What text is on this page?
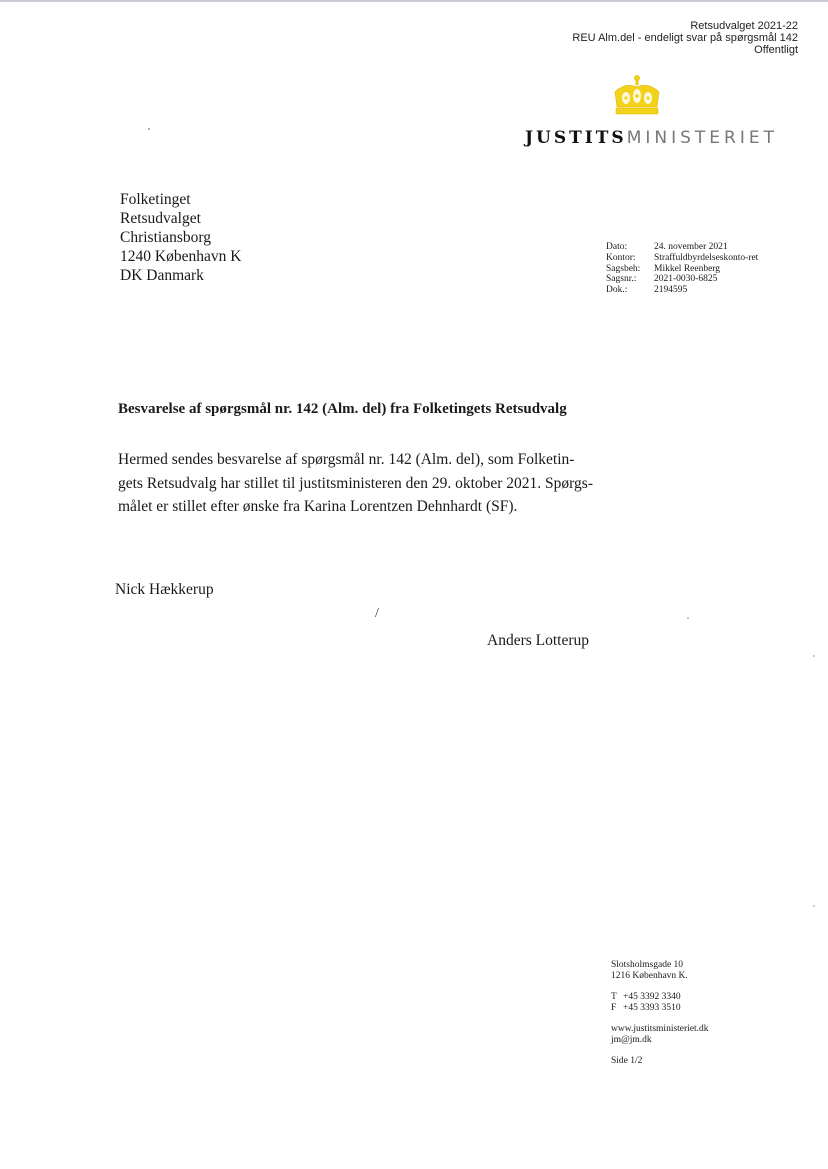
Retsudvalget 2021-22
REU Alm.del - endeligt svar på spørgsmål 142
Offentligt
JUSTITSMINISTERIET
Folketinget
Retsudvalget
Christiansborg
1240 København K
DK Danmark
Dato:	24. november 2021
Kontor:	Straffuldbyrdelseskonto-ret
Sagsbeh:	Mikkel Reenberg
Sagsnr.:	2021-0030-6825
Dok.:	2194595
Besvarelse af spørgsmål nr. 142 (Alm. del) fra Folketingets Retsudvalg
Hermed sendes besvarelse af spørgsmål nr. 142 (Alm. del), som Folketin-
gets Retsudvalg har stillet til justitsministeren den 29. oktober 2021. Spørgs-
målet er stillet efter ønske fra Karina Lorentzen Dehnhardt (SF).
Nick Hækkerup
/
Anders Lotterup
Slotsholmsgade 10
1216 København K.
T +45 3392 3340
F +45 3393 3510
www.justitsministeriet.dk
jm@jm.dk
Side 1/2
